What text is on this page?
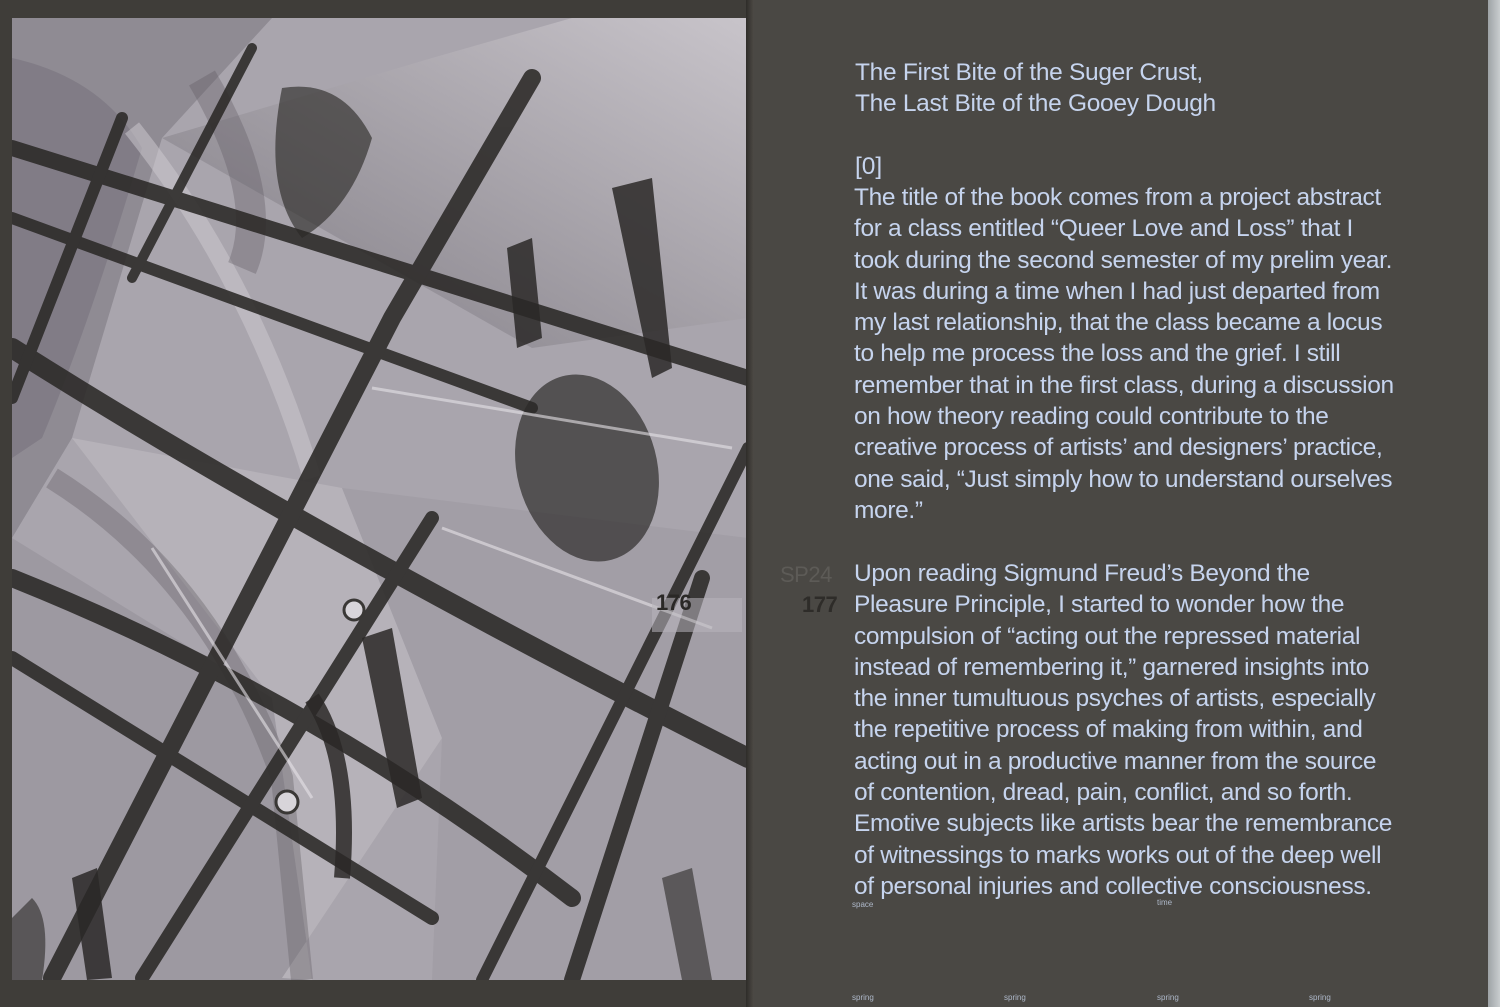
176
The First Bite of the Suger Crust,
The Last Bite of the Gooey Dough
[0]
The title of the book comes from a project abstract
for a class entitled “Queer Love and Loss” that I
took during the second semester of my prelim year.
It was during a time when I had just departed from
my last relationship, that the class became a locus
to help me process the loss and the grief. I still
remember that in the first class, during a discussion
on how theory reading could contribute to the
creative process of artists’ and designers’ practice,
one said, “Just simply how to understand ourselves
more.”
SP24
177
Upon reading Sigmund Freud’s Beyond the
Pleasure Principle, I started to wonder how the
compulsion of “acting out the repressed material
instead of remembering it,” garnered insights into
the inner tumultuous psyches of artists, especially
the repetitive process of making from within, and
acting out in a productive manner from the source
of contention, dread, pain, conflict, and so forth.
Emotive subjects like artists bear the remembrance
of witnessings to marks works out of the deep well
of personal injuries and collective consciousness.
space	time
spring	spring	spring	spring
